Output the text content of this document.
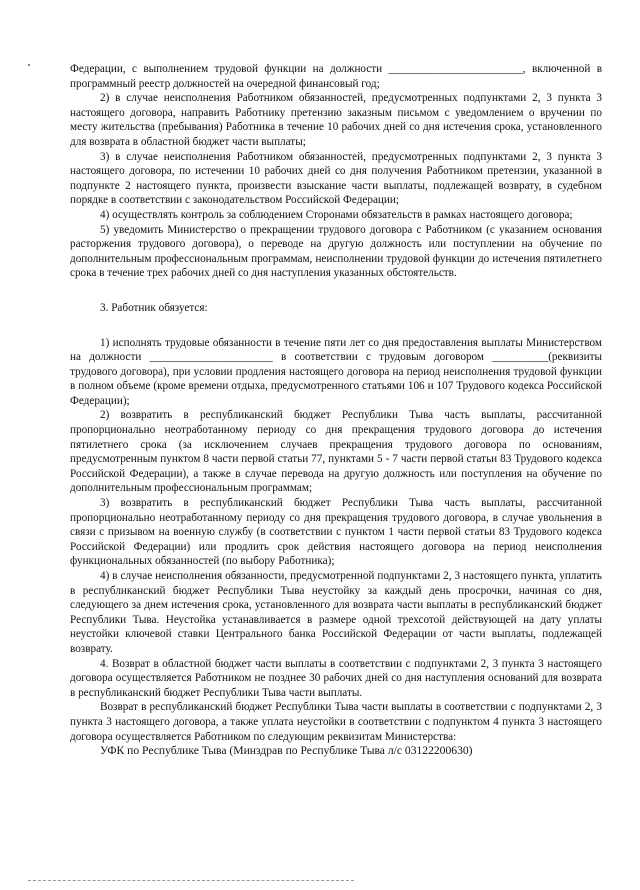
Федерации, с выполнением трудовой функции на должности ________________________, включенной в программный реестр должностей на очередной финансовый год;

2) в случае неисполнения Работником обязанностей, предусмотренных подпунктами 2, 3 пункта 3 настоящего договора, направить Работнику претензию заказным письмом с уведомлением о вручении по месту жительства (пребывания) Работника в течение 10 рабочих дней со дня истечения срока, установленного для возврата в областной бюджет части выплаты;

3) в случае неисполнения Работником обязанностей, предусмотренных подпунктами 2, 3 пункта 3 настоящего договора, по истечении 10 рабочих дней со дня получения Работником претензии, указанной в подпункте 2 настоящего пункта, произвести взыскание части выплаты, подлежащей возврату, в судебном порядке в соответствии с законодательством Российской Федерации;

4) осуществлять контроль за соблюдением Сторонами обязательств в рамках настоящего договора;

5) уведомить Министерство о прекращении трудового договора с Работником (с указанием основания расторжения трудового договора), о переводе на другую должность или поступлении на обучение по дополнительным профессиональным программам, неисполнении трудовой функции до истечения пятилетнего срока в течение трех рабочих дней со дня наступления указанных обстоятельств.

3. Работник обязуется:

1) исполнять трудовые обязанности в течение пяти лет со дня предоставления выплаты Министерством на должности ______________________ в соответствии с трудовым договором __________(реквизиты трудового договора), при условии продления настоящего договора на период неисполнения трудовой функции в полном объеме (кроме времени отдыха, предусмотренного статьями 106 и 107 Трудового кодекса Российской Федерации);

2) возвратить в республиканский бюджет Республики Тыва часть выплаты, рассчитанной пропорционально неотработанному периоду со дня прекращения трудового договора до истечения пятилетнего срока (за исключением случаев прекращения трудового договора по основаниям, предусмотренным пунктом 8 части первой статьи 77, пунктами 5 - 7 части первой статьи 83 Трудового кодекса Российской Федерации), а также в случае перевода на другую должность или поступления на обучение по дополнительным профессиональным программам;

3) возвратить в республиканский бюджет Республики Тыва часть выплаты, рассчитанной пропорционально неотработанному периоду со дня прекращения трудового договора, в случае увольнения в связи с призывом на военную службу (в соответствии с пунктом 1 части первой статьи 83 Трудового кодекса Российской Федерации) или продлить срок действия настоящего договора на период неисполнения функциональных обязанностей (по выбору Работника);

4) в случае неисполнения обязанности, предусмотренной подпунктами 2, 3 настоящего пункта, уплатить в республиканский бюджет Республики Тыва неустойку за каждый день просрочки, начиная со дня, следующего за днем истечения срока, установленного для возврата части выплаты в республиканский бюджет Республики Тыва. Неустойка устанавливается в размере одной трехсотой действующей на дату уплаты неустойки ключевой ставки Центрального банка Российской Федерации от части выплаты, подлежащей возврату.

4. Возврат в областной бюджет части выплаты в соответствии с подпунктами 2, 3 пункта 3 настоящего договора осуществляется Работником не позднее 30 рабочих дней со дня наступления оснований для возврата в республиканский бюджет Республики Тыва части выплаты.

Возврат в республиканский бюджет Республики Тыва части выплаты в соответствии с подпунктами 2, 3 пункта 3 настоящего договора, а также уплата неустойки в соответствии с подпунктом 4 пункта 3 настоящего договора осуществляется Работником по следующим реквизитам Министерства:

УФК по Республике Тыва (Минздрав по Республике Тыва л/с 03122200630)
